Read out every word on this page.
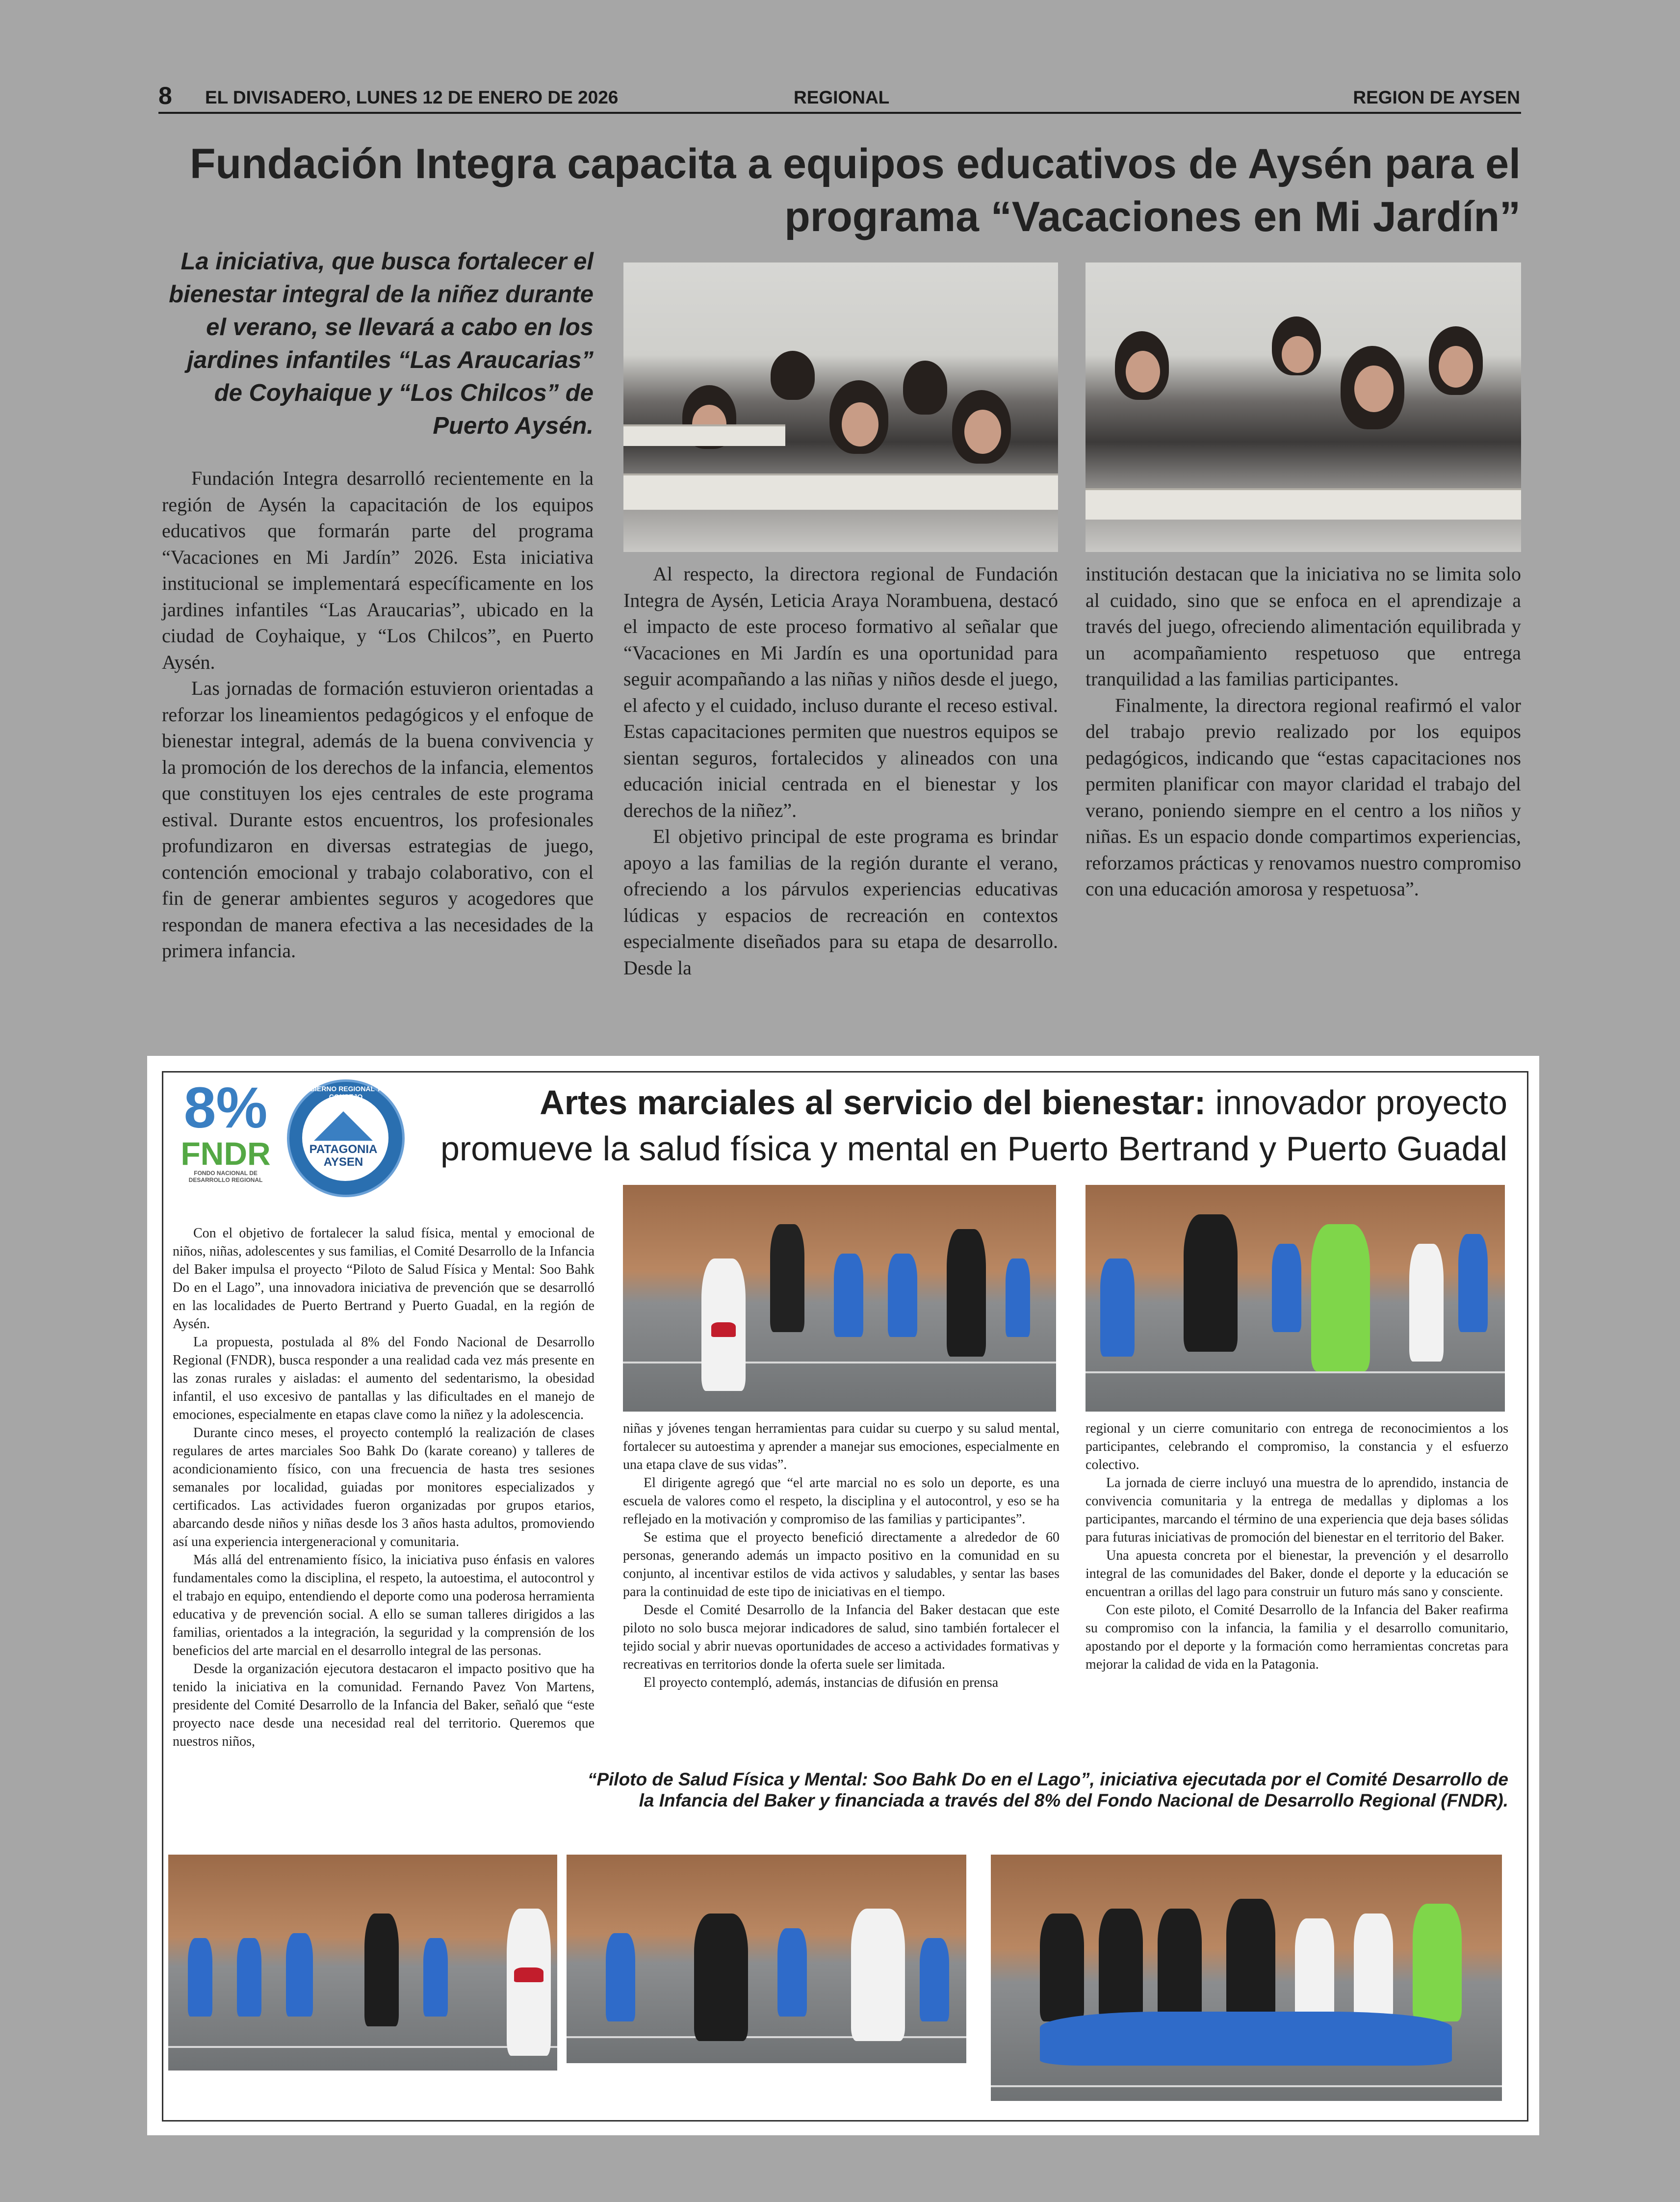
8 EL DIVISADERO, LUNES 12 DE ENERO DE 2026	REGIONAL	REGION DE AYSEN
Fundación Integra capacita a equipos educativos de Aysén para el
programa “Vacaciones en Mi Jardín”
La iniciativa, que busca fortalecer el bienestar integral de la niñez durante el verano, se llevará a cabo en los jardines infantiles “Las Araucarias” de Coyhaique y “Los Chilcos” de Puerto Aysén.

Fundación Integra desarrolló recientemente en la región de Aysén la capacitación de los equipos educativos que formarán parte del programa “Vacaciones en Mi Jardín” 2026. Esta iniciativa institucional se implementará específicamente en los jardines infantiles “Las Araucarias”, ubicado en la ciudad de Coyhaique, y “Los Chilcos”, en Puerto Aysén.

Las jornadas de formación estuvieron orientadas a reforzar los lineamientos pedagógicos y el enfoque de bienestar integral, además de la buena convivencia y la promoción de los derechos de la infancia, elementos que constituyen los ejes centrales de este programa estival. Durante estos encuentros, los profesionales profundizaron en diversas estrategias de juego, contención emocional y trabajo colaborativo, con el fin de generar ambientes seguros y acogedores que respondan de manera efectiva a las necesidades de la primera infancia.

Al respecto, la directora regional de Fundación Integra de Aysén, Leticia Araya Norambuena, destacó el impacto de este proceso formativo al señalar que “Vacaciones en Mi Jardín es una oportunidad para seguir acompañando a las niñas y niños desde el juego, el afecto y el cuidado, incluso durante el receso estival. Estas capacitaciones permiten que nuestros equipos se sientan seguros, fortalecidos y alineados con una educación inicial centrada en el bienestar y los derechos de la niñez”.

El objetivo principal de este programa es brindar apoyo a las familias de la región durante el verano, ofreciendo a los párvulos experiencias educativas lúdicas y espacios de recreación en contextos especialmente diseñados para su etapa de desarrollo. Desde la

institución destacan que la iniciativa no se limita solo al cuidado, sino que se enfoca en el aprendizaje a través del juego, ofreciendo alimentación equilibrada y un acompañamiento respetuoso que entrega tranquilidad a las familias participantes.

Finalmente, la directora regional reafirmó el valor del trabajo previo realizado por los equipos pedagógicos, indicando que “estas capacitaciones nos permiten planificar con mayor claridad el trabajo del verano, poniendo siempre en el centro a los niños y niñas. Es un espacio donde compartimos experiencias, reforzamos prácticas y renovamos nuestro compromiso con una educación amorosa y respetuosa”.

8%
FNDR
FONDO NACIONAL DE DESARROLLO REGIONAL
GOBIERNO REGIONAL Y SU CONSEJO
PATAGONIA AYSEN
Artes marciales al servicio del bienestar: innovador proyecto
promueve la salud física y mental en Puerto Bertrand y Puerto Guadal

Con el objetivo de fortalecer la salud física, mental y emocional de niños, niñas, adolescentes y sus familias, el Comité Desarrollo de la Infancia del Baker impulsa el proyecto “Piloto de Salud Física y Mental: Soo Bahk Do en el Lago”, una innovadora iniciativa de prevención que se desarrolló en las localidades de Puerto Bertrand y Puerto Guadal, en la región de Aysén.

La propuesta, postulada al 8% del Fondo Nacional de Desarrollo Regional (FNDR), busca responder a una realidad cada vez más presente en las zonas rurales y aisladas: el aumento del sedentarismo, la obesidad infantil, el uso excesivo de pantallas y las dificultades en el manejo de emociones, especialmente en etapas clave como la niñez y la adolescencia.

Durante cinco meses, el proyecto contempló la realización de clases regulares de artes marciales Soo Bahk Do (karate coreano) y talleres de acondicionamiento físico, con una frecuencia de hasta tres sesiones semanales por localidad, guiadas por monitores especializados y certificados. Las actividades fueron organizadas por grupos etarios, abarcando desde niños y niñas desde los 3 años hasta adultos, promoviendo así una experiencia intergeneracional y comunitaria.

Más allá del entrenamiento físico, la iniciativa puso énfasis en valores fundamentales como la disciplina, el respeto, la autoestima, el autocontrol y el trabajo en equipo, entendiendo el deporte como una poderosa herramienta educativa y de prevención social. A ello se suman talleres dirigidos a las familias, orientados a la integración, la seguridad y la comprensión de los beneficios del arte marcial en el desarrollo integral de las personas.

Desde la organización ejecutora destacaron el impacto positivo que ha tenido la iniciativa en la comunidad. Fernando Pavez Von Martens, presidente del Comité Desarrollo de la Infancia del Baker, señaló que “este proyecto nace desde una necesidad real del territorio. Queremos que nuestros niños,

niñas y jóvenes tengan herramientas para cuidar su cuerpo y su salud mental, fortalecer su autoestima y aprender a manejar sus emociones, especialmente en una etapa clave de sus vidas”.

El dirigente agregó que “el arte marcial no es solo un deporte, es una escuela de valores como el respeto, la disciplina y el autocontrol, y eso se ha reflejado en la motivación y compromiso de las familias y participantes”.

Se estima que el proyecto benefició directamente a alrededor de 60 personas, generando además un impacto positivo en la comunidad en su conjunto, al incentivar estilos de vida activos y saludables, y sentar las bases para la continuidad de este tipo de iniciativas en el tiempo.

Desde el Comité Desarrollo de la Infancia del Baker destacan que este piloto no solo busca mejorar indicadores de salud, sino también fortalecer el tejido social y abrir nuevas oportunidades de acceso a actividades formativas y recreativas en territorios donde la oferta suele ser limitada.

El proyecto contempló, además, instancias de difusión en prensa

regional y un cierre comunitario con entrega de reconocimientos a los participantes, celebrando el compromiso, la constancia y el esfuerzo colectivo.

La jornada de cierre incluyó una muestra de lo aprendido, instancia de convivencia comunitaria y la entrega de medallas y diplomas a los participantes, marcando el término de una experiencia que deja bases sólidas para futuras iniciativas de promoción del bienestar en el territorio del Baker.

Una apuesta concreta por el bienestar, la prevención y el desarrollo integral de las comunidades del Baker, donde el deporte y la educación se encuentran a orillas del lago para construir un futuro más sano y consciente.

Con este piloto, el Comité Desarrollo de la Infancia del Baker reafirma su compromiso con la infancia, la familia y el desarrollo comunitario, apostando por el deporte y la formación como herramientas concretas para mejorar la calidad de vida en la Patagonia.

“Piloto de Salud Física y Mental: Soo Bahk Do en el Lago”, iniciativa ejecutada por el Comité Desarrollo de la Infancia del Baker y financiada a través del 8% del Fondo Nacional de Desarrollo Regional (FNDR).
